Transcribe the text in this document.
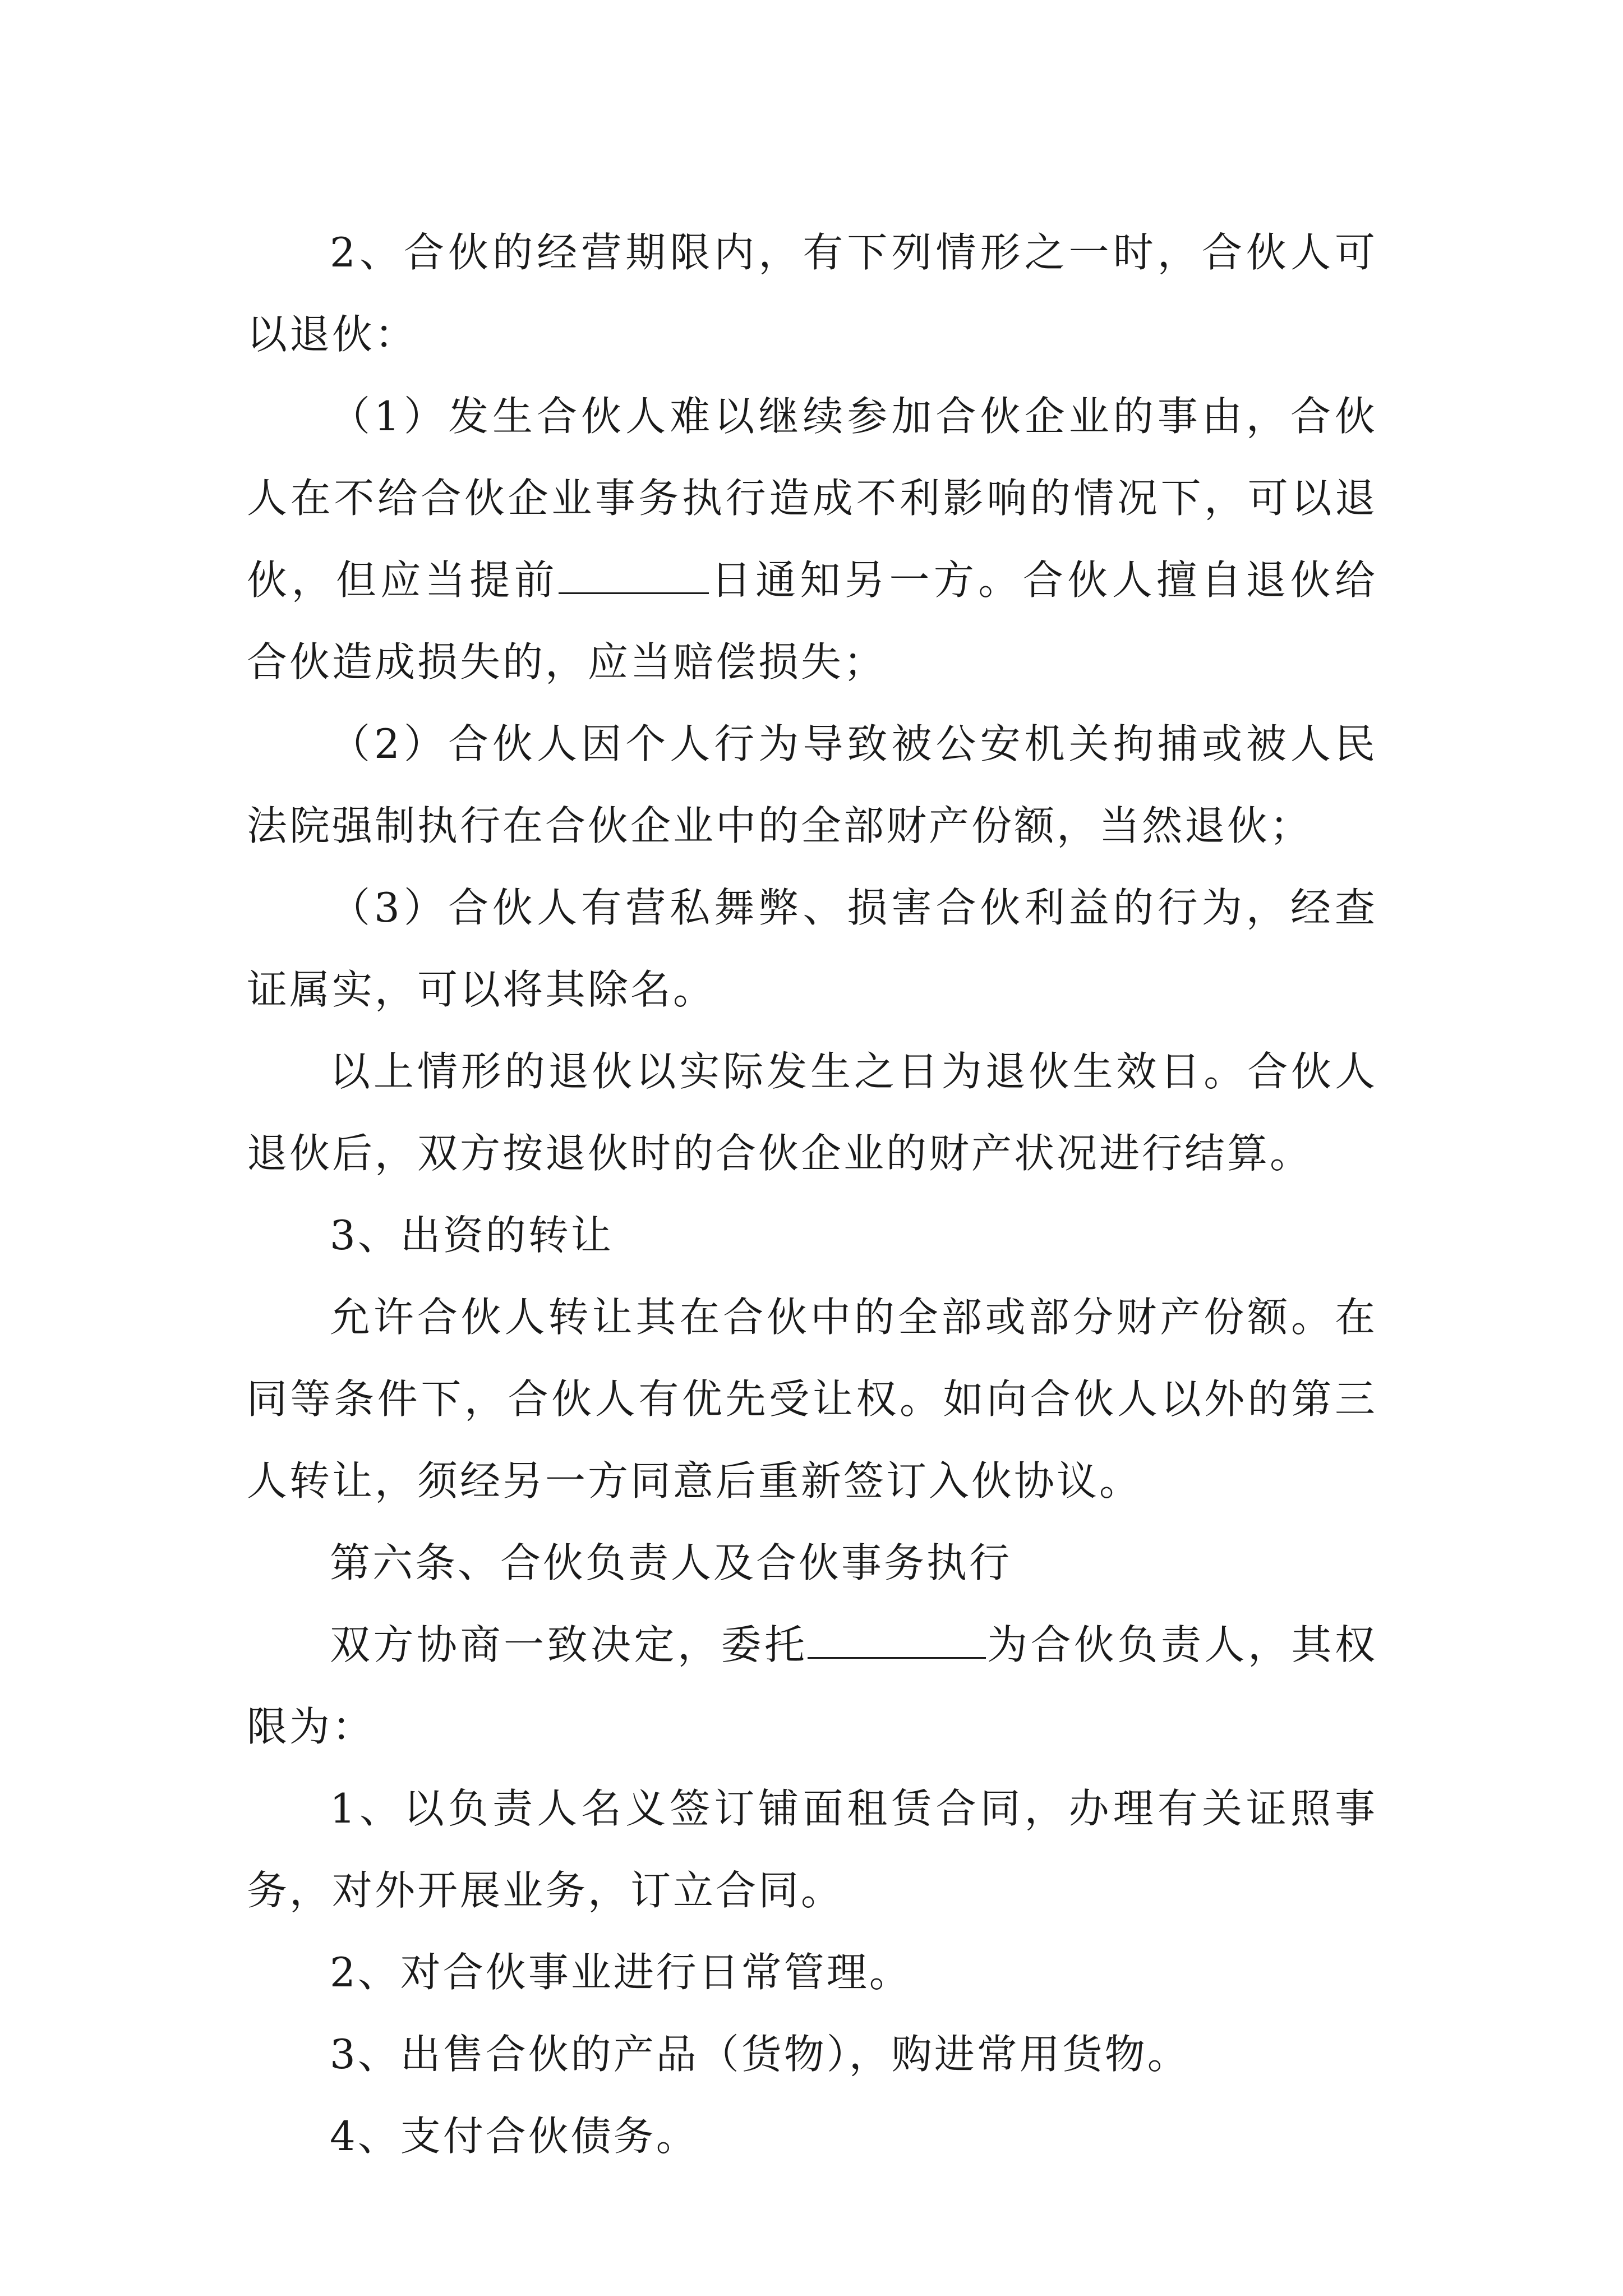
2、合伙的经营期限内，有下列情形之一时，合伙人可以退伙：

（1）发生合伙人难以继续参加合伙企业的事由，合伙人在不给合伙企业事务执行造成不利影响的情况下，可以退伙，但应当提前	日通知另一方。合伙人擅自退伙给合伙造成损失的，应当赔偿损失；

（2）合伙人因个人行为导致被公安机关拘捕或被人民法院强制执行在合伙企业中的全部财产份额，当然退伙；

（3）合伙人有营私舞弊、损害合伙利益的行为，经查证属实，可以将其除名。

以上情形的退伙以实际发生之日为退伙生效日。合伙人退伙后，双方按退伙时的合伙企业的财产状况进行结算。

3、出资的转让

允许合伙人转让其在合伙中的全部或部分财产份额。在同等条件下，合伙人有优先受让权。如向合伙人以外的第三人转让，须经另一方同意后重新签订入伙协议。

第六条、合伙负责人及合伙事务执行

双方协商一致决定，委托	为合伙负责人，其权限为：

1、以负责人名义签订铺面租赁合同，办理有关证照事务，对外开展业务，订立合同。

2、对合伙事业进行日常管理。

3、出售合伙的产品（货物），购进常用货物。

4、支付合伙债务。
